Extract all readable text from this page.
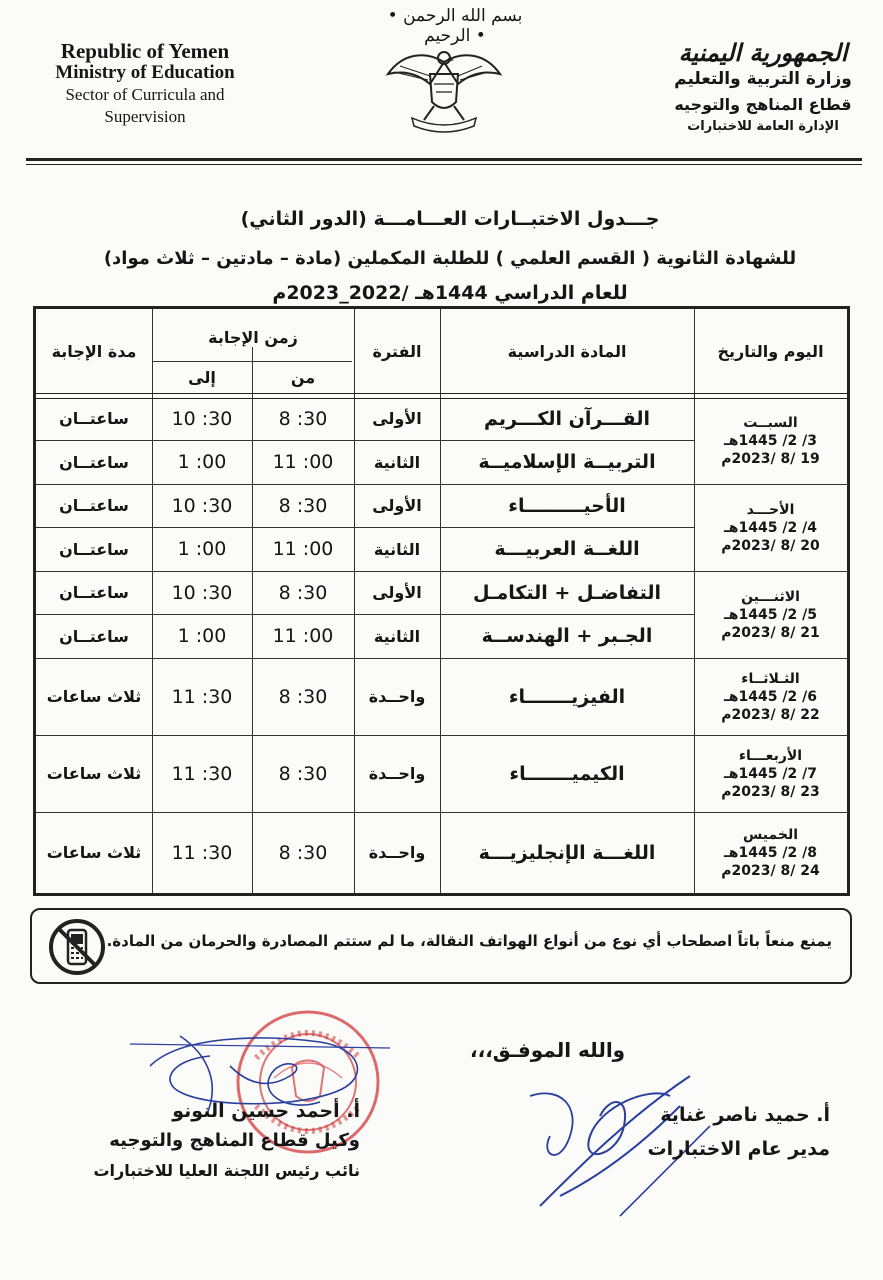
• بسم الله الرحمن الرحيم •
Republic of Yemen
Ministry of Education
Sector of Curricula and
Supervision
الجمهورية اليمنية
وزارة التربية والتعليم
قطاع المناهج والتوجيه
الإدارة العامة للاختبارات
جـــدول الاختبــارات العـــامـــة (الدور الثاني)
للشهادة الثانوية ( القسم العلمي ) للطلبة المكملين (مادة – مادتين – ثلاث مواد)
للعام الدراسي 1444هـ /2022_2023م
اليوم والتاريخ
المادة الدراسية
الفترة
زمن الإجابة
من
إلى
مدة الإجابة
القـــرآن الكـــريم
الأولى
8 :30
10 :30
ساعتــان
التربيــة الإسلاميــة
الثانية
11 :00
1 :00
ساعتــان
الأحيـــــــــاء
الأولى
8 :30
10 :30
ساعتــان
اللغــة العربيـــة
الثانية
11 :00
1 :00
ساعتــان
التفاضـل + التكامـل
الأولى
8 :30
10 :30
ساعتــان
الجـبر + الهندســة
الثانية
11 :00
1 :00
ساعتــان
الفيزيـــــــاء
واحــدة
8 :30
11 :30
ثلاث ساعات
الكيميـــــــاء
واحــدة
8 :30
11 :30
ثلاث ساعات
اللغـــة الإنجليزيـــة
واحــدة
8 :30
11 :30
ثلاث ساعات
السبــت
3/ 2/ 1445هـ
19 /8 /2023م
الأحـــد
4/ 2/ 1445هـ
20 /8 /2023م
الاثنـــين
5/ 2/ 1445هـ
21 /8 /2023م
الثـلاثــاء
6/ 2/ 1445هـ
22 /8 /2023م
الأربعـــاء
7/ 2/ 1445هـ
23 /8 /2023م
الخميس
8/ 2/ 1445هـ
24 /8 /2023م
يمنع منعاً باتاً اصطحاب أي نوع من أنواع الهواتف النقالة، ما لم ستتم المصادرة والحرمان من المادة.
والله الموفـق،،،
أ. أحمد حسين النونو
وكيل قطاع المناهج والتوجيه
نائب رئيس اللجنة العليا للاختبارات
أ. حميد ناصر غناية
مدير عام الاختبارات
